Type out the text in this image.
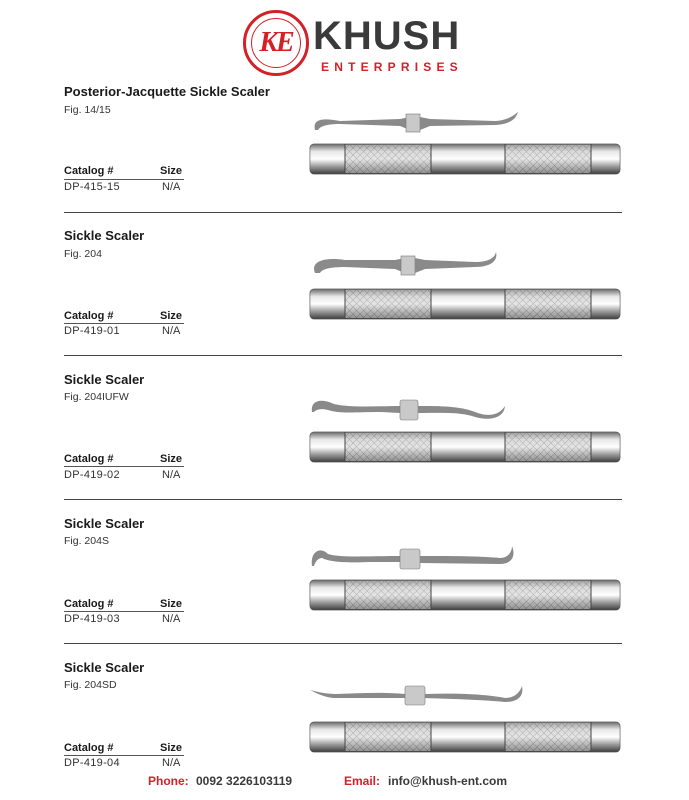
KE KHUSH
ENTERPRISES
Posterior-Jacquette Sickle Scaler
Fig. 14/15
Catalog #	Size
DP-415-15	N/A
Sickle Scaler
Fig. 204
Catalog #	Size
DP-419-01	N/A
Sickle Scaler
Fig. 204IUFW
Catalog #	Size
DP-419-02	N/A
Sickle Scaler
Fig. 204S
Catalog #	Size
DP-419-03	N/A
Sickle Scaler
Fig. 204SD
Catalog #	Size
DP-419-04	N/A
Phone: 0092 3226103119	Email: info@khush-ent.com
